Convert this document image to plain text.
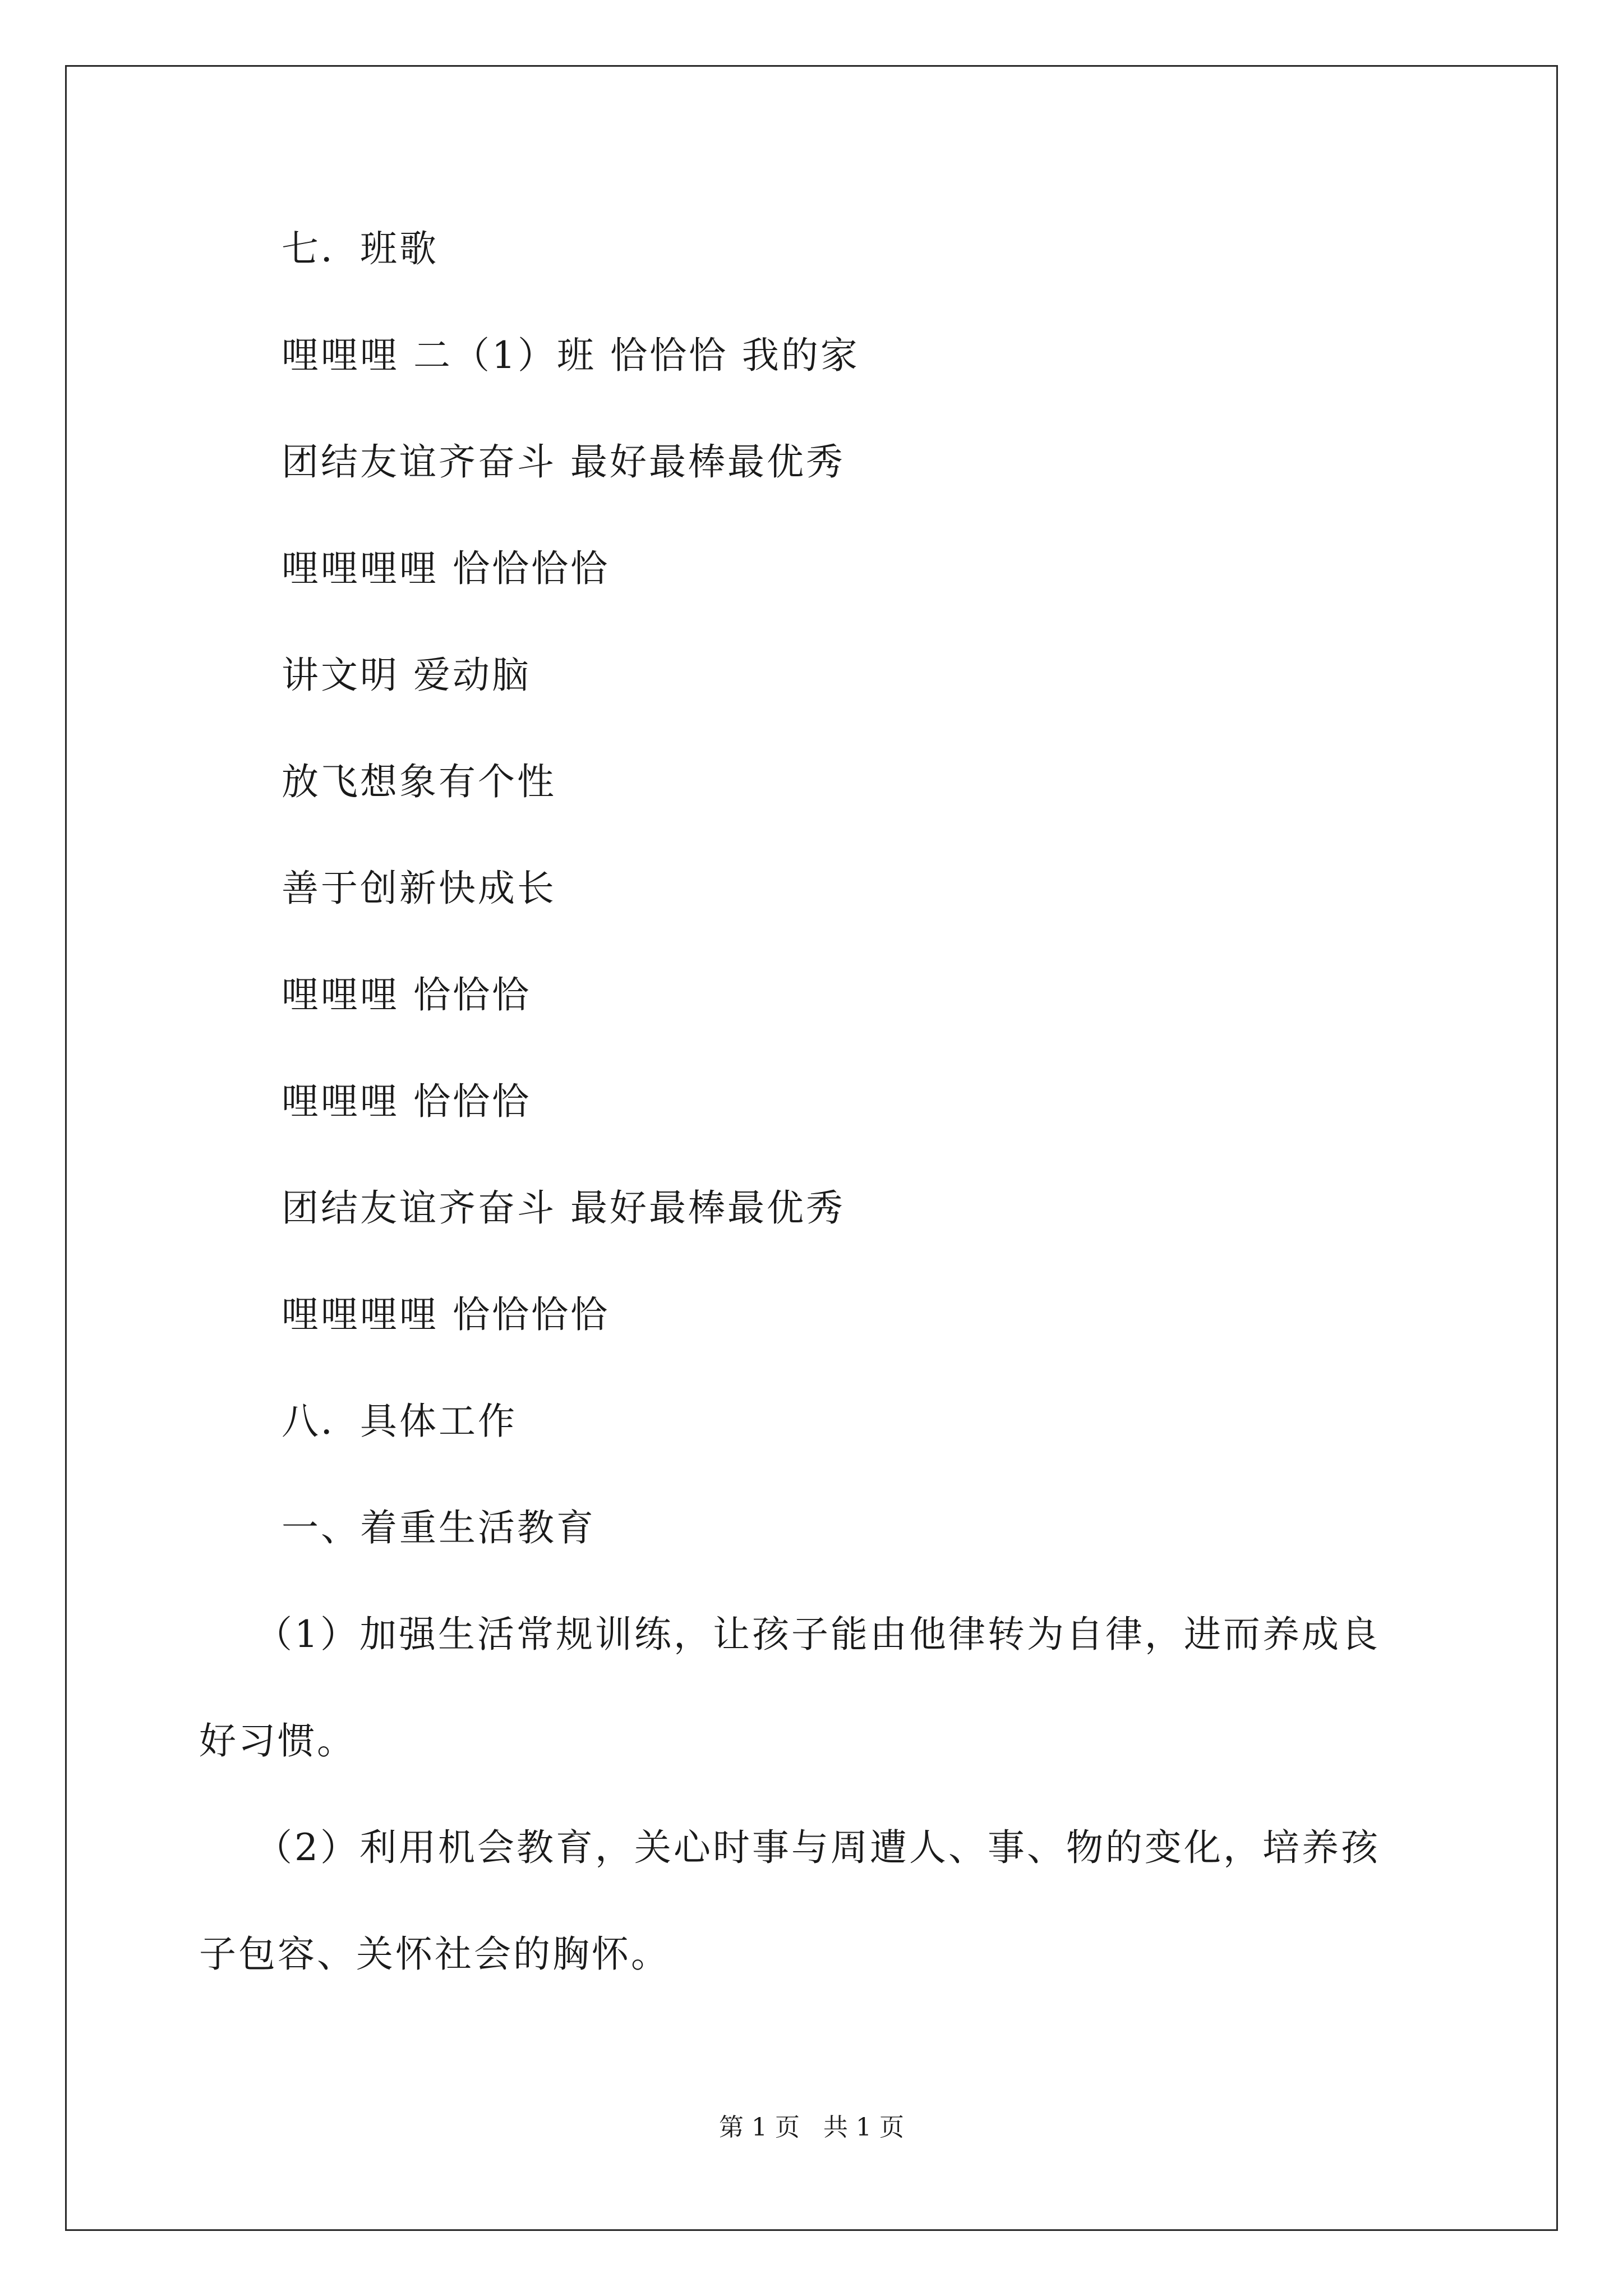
七．班歌
哩哩哩 二（1）班 恰恰恰 我的家
团结友谊齐奋斗 最好最棒最优秀
哩哩哩哩 恰恰恰恰
讲文明 爱动脑
放飞想象有个性
善于创新快成长
哩哩哩 恰恰恰
哩哩哩 恰恰恰
团结友谊齐奋斗 最好最棒最优秀
哩哩哩哩 恰恰恰恰
八．具体工作
一、着重生活教育
（1）加强生活常规训练，让孩子能由他律转为自律，进而养成良
好习惯。
（2）利用机会教育，关心时事与周遭人、事、物的变化，培养孩
子包容、关怀社会的胸怀。
第 1 页   共 1 页
